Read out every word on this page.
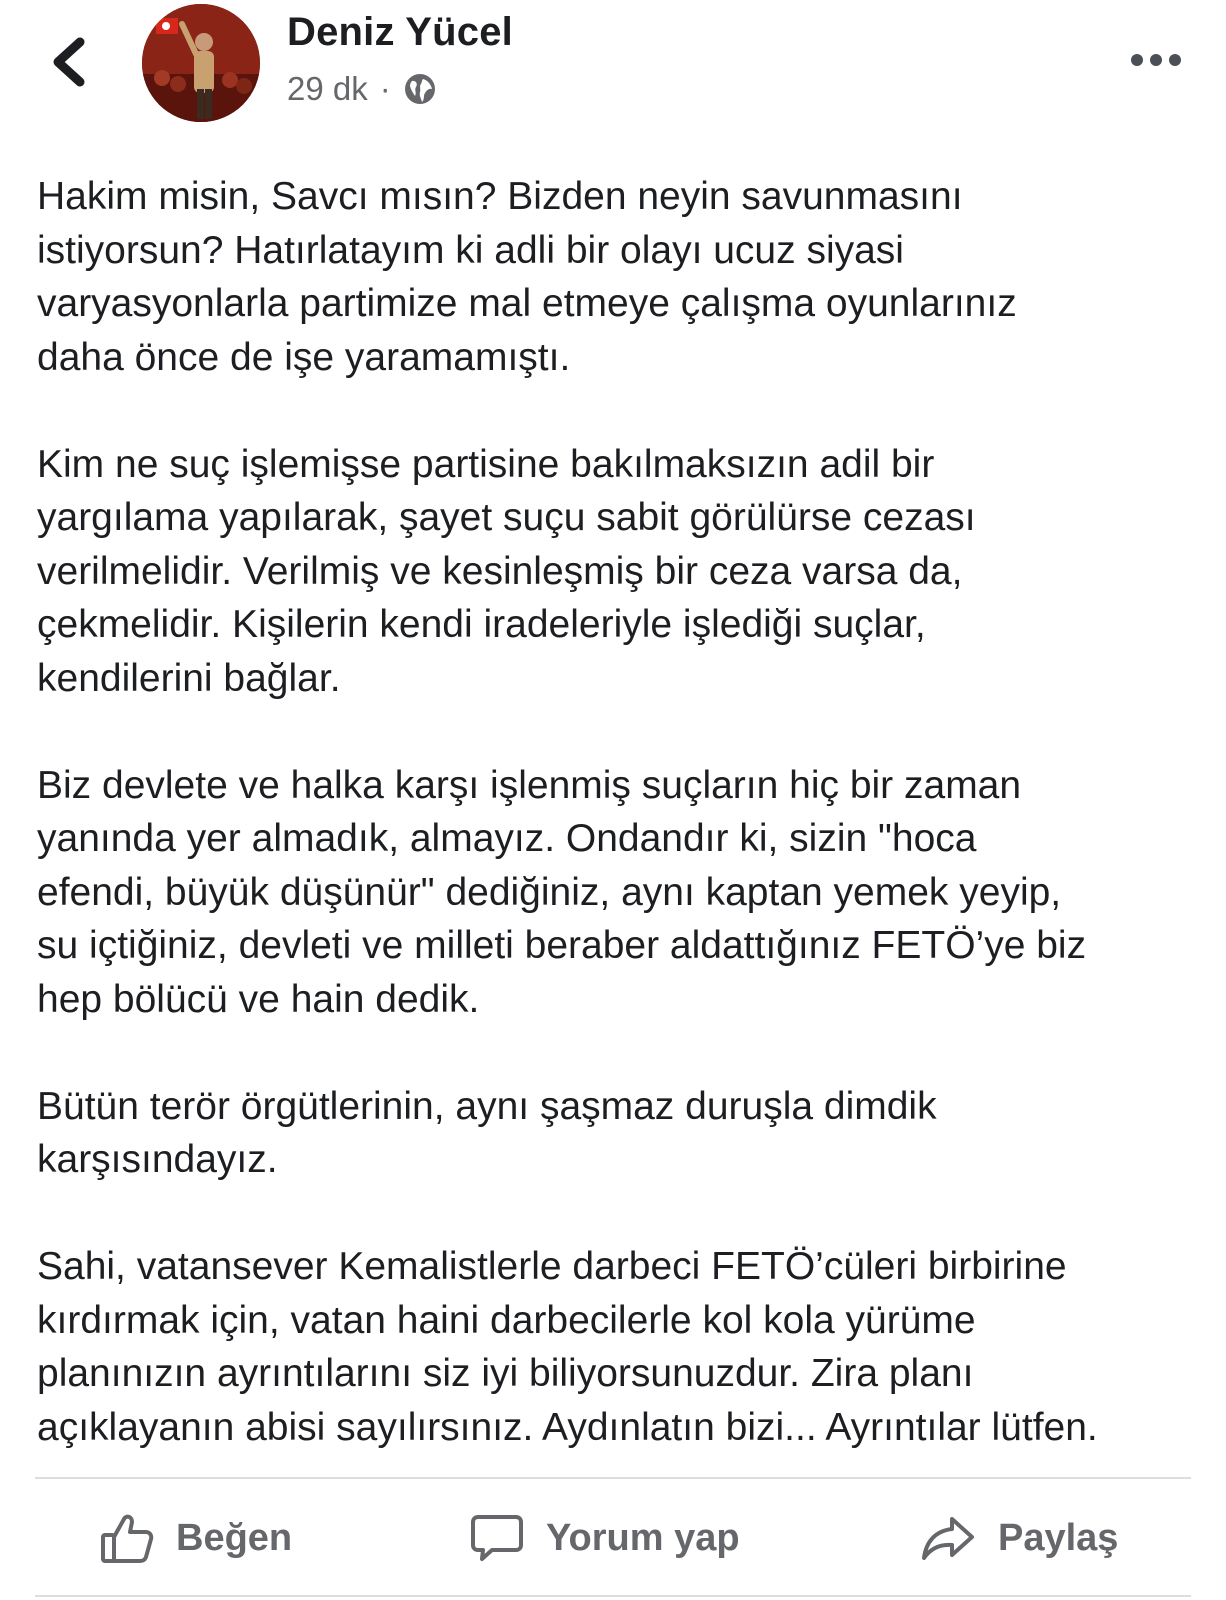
Deniz Yücel
29 dk ·

Hakim misin, Savcı mısın? Bizden neyin savunmasını
istiyorsun? Hatırlatayım ki adli bir olayı ucuz siyasi
varyasyonlarla partimize mal etmeye çalışma oyunlarınız
daha önce de işe yaramamıştı.

Kim ne suç işlemişse partisine bakılmaksızın adil bir
yargılama yapılarak, şayet suçu sabit görülürse cezası
verilmelidir. Verilmiş ve kesinleşmiş bir ceza varsa da,
çekmelidir. Kişilerin kendi iradeleriyle işlediği suçlar,
kendilerini bağlar.

Biz devlete ve halka karşı işlenmiş suçların hiç bir zaman
yanında yer almadık, almayız. Ondandır ki, sizin "hoca
efendi, büyük düşünür" dediğiniz, aynı kaptan yemek yeyip,
su içtiğiniz, devleti ve milleti beraber aldattığınız FETÖ’ye biz
hep bölücü ve hain dedik.

Bütün terör örgütlerinin, aynı şaşmaz duruşla dimdik
karşısındayız.

Sahi, vatansever Kemalistlerle darbeci FETÖ’cüleri birbirine
kırdırmak için, vatan haini darbecilerle kol kola yürüme
planınızın ayrıntılarını siz iyi biliyorsunuzdur. Zira planı
açıklayanın abisi sayılırsınız. Aydınlatın bizi... Ayrıntılar lütfen.

Beğen	Yorum yap	Paylaş
